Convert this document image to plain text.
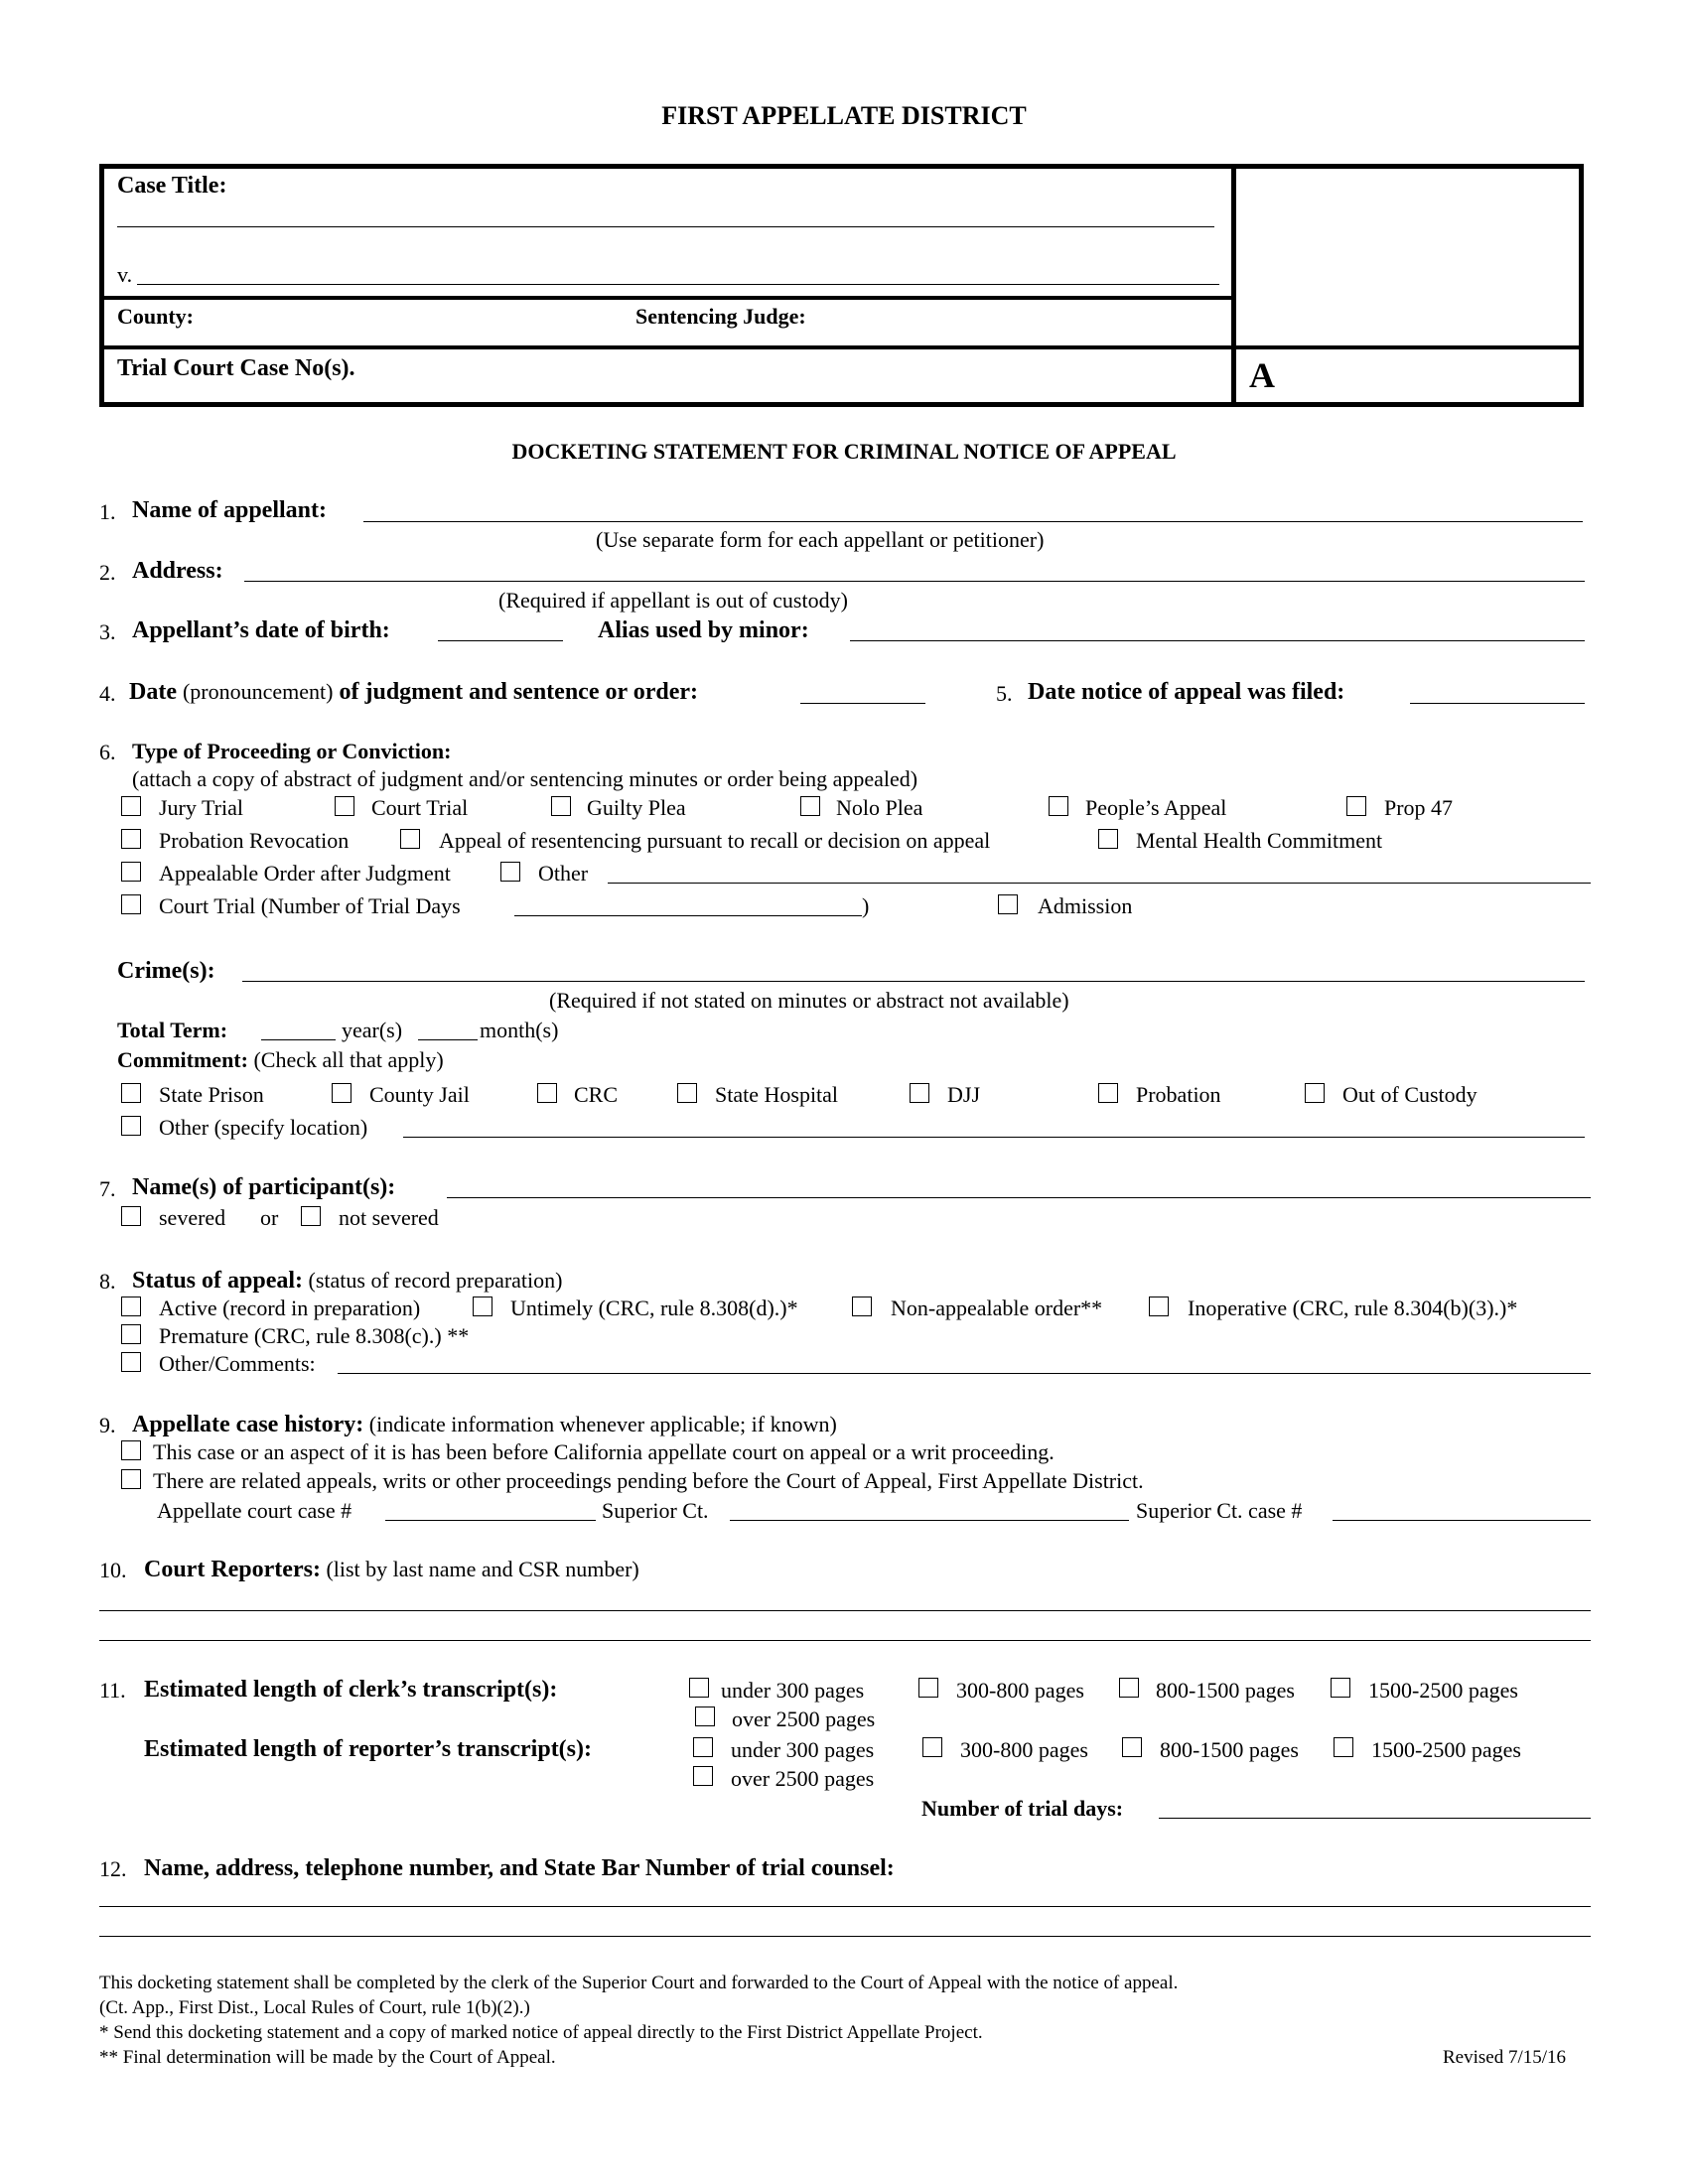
FIRST APPELLATE DISTRICT
Case Title:
v.
County:	Sentencing Judge:
Trial Court Case No(s).	A
DOCKETING STATEMENT FOR CRIMINAL NOTICE OF APPEAL
1. Name of appellant:
(Use separate form for each appellant or petitioner)
2. Address:
(Required if appellant is out of custody)
3. Appellant’s date of birth:	Alias used by minor:
4. Date (pronouncement) of judgment and sentence or order:	5. Date notice of appeal was filed:
6. Type of Proceeding or Conviction:
(attach a copy of abstract of judgment and/or sentencing minutes or order being appealed)
Jury Trial	Court Trial	Guilty Plea	Nolo Plea	People’s Appeal	Prop 47
Probation Revocation	Appeal of resentencing pursuant to recall or decision on appeal	Mental Health Commitment
Appealable Order after Judgment	Other
Court Trial (Number of Trial Days	)	Admission
Crime(s):
(Required if not stated on minutes or abstract not available)
Total Term:	year(s)	month(s)
Commitment: (Check all that apply)
State Prison	County Jail	CRC	State Hospital	DJJ	Probation	Out of Custody
Other (specify location)
7. Name(s) of participant(s):
severed or	not severed
8. Status of appeal: (status of record preparation)
Active (record in preparation)	Untimely (CRC, rule 8.308(d).)*	Non-appealable order**	Inoperative (CRC, rule 8.304(b)(3).)*
Premature (CRC, rule 8.308(c).) **
Other/Comments:
9. Appellate case history: (indicate information whenever applicable; if known)
This case or an aspect of it is has been before California appellate court on appeal or a writ proceeding.
There are related appeals, writs or other proceedings pending before the Court of Appeal, First Appellate District.
Appellate court case #	Superior Ct.	Superior Ct. case #
10. Court Reporters: (list by last name and CSR number)
11. Estimated length of clerk’s transcript(s):	under 300 pages	300-800 pages	800-1500 pages	1500-2500 pages
over 2500 pages
Estimated length of reporter’s transcript(s):	under 300 pages	300-800 pages	800-1500 pages	1500-2500 pages
over 2500 pages
Number of trial days:
12. Name, address, telephone number, and State Bar Number of trial counsel:
This docketing statement shall be completed by the clerk of the Superior Court and forwarded to the Court of Appeal with the notice of appeal.
(Ct. App., First Dist., Local Rules of Court, rule 1(b)(2).)
* Send this docketing statement and a copy of marked notice of appeal directly to the First District Appellate Project.
** Final determination will be made by the Court of Appeal.	Revised 7/15/16
